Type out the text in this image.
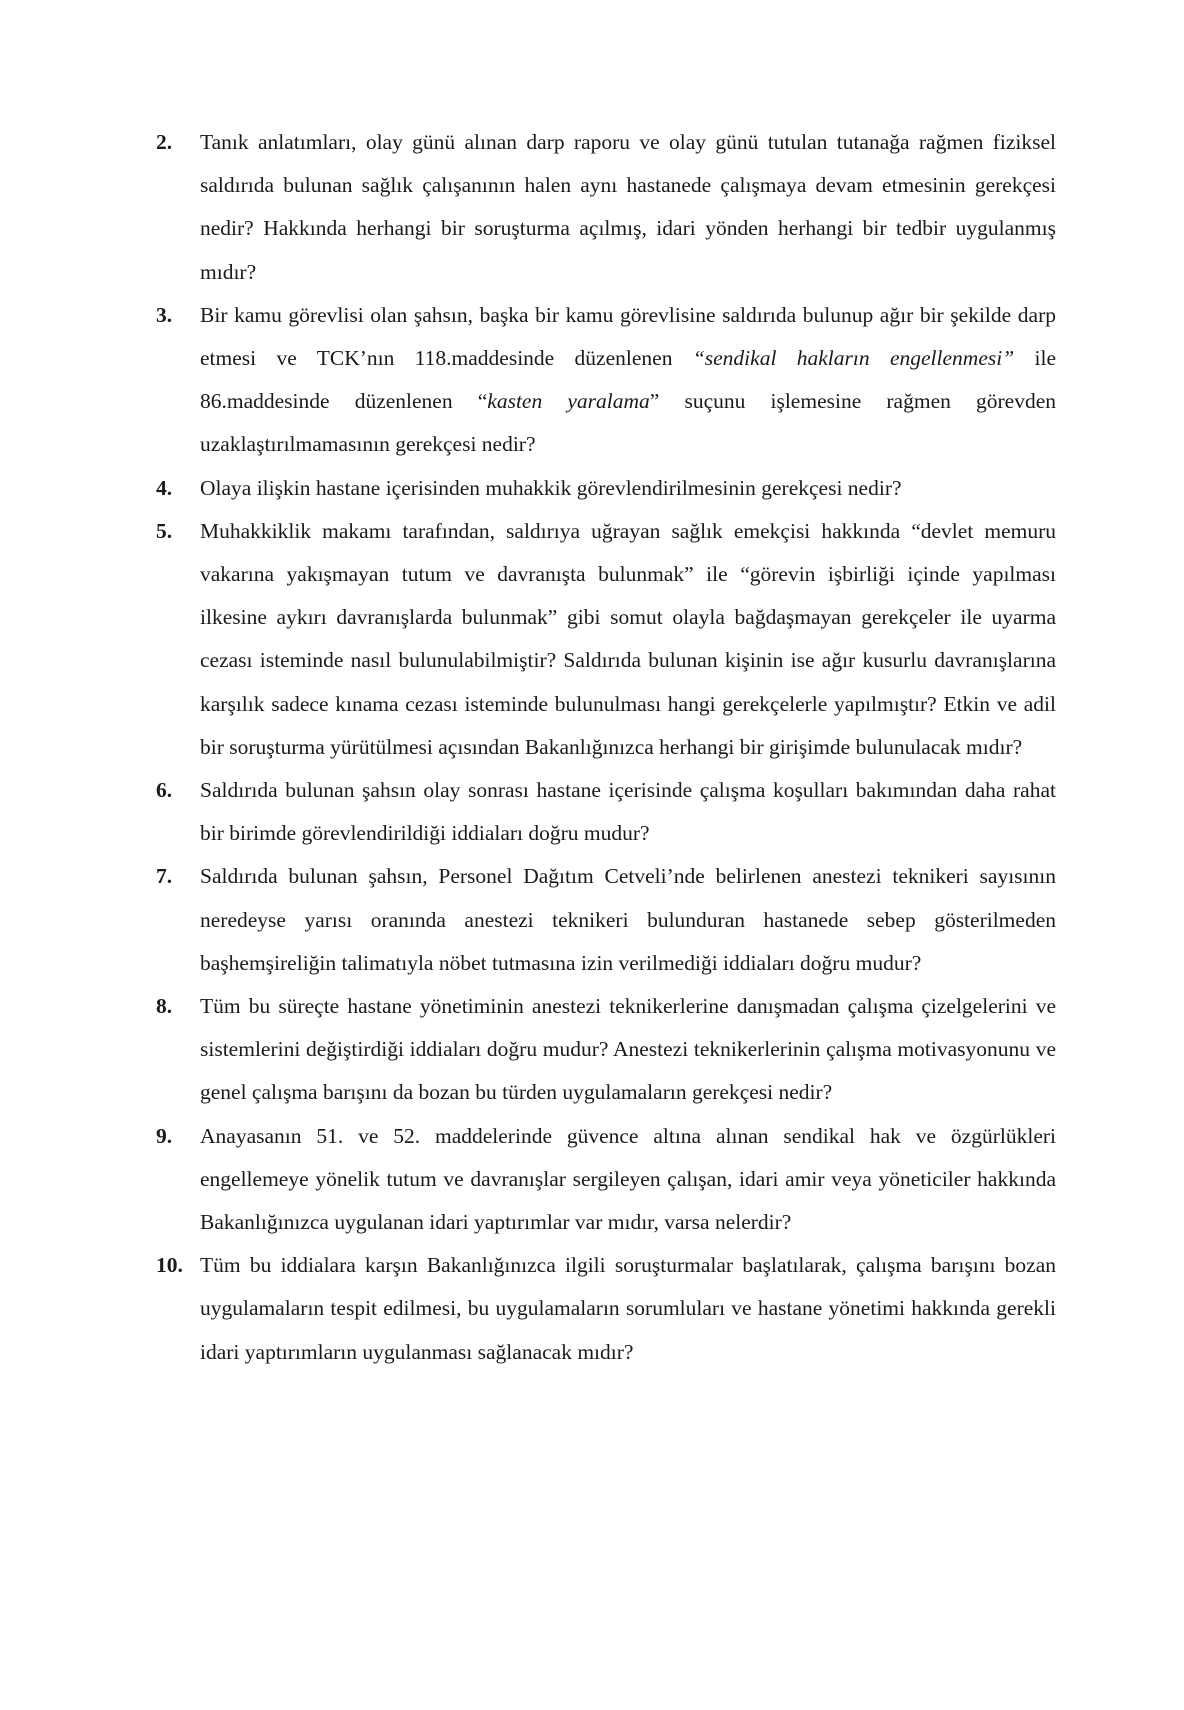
2. Tanık anlatımları, olay günü alınan darp raporu ve olay günü tutulan tutanağa rağmen fiziksel saldırıda bulunan sağlık çalışanının halen aynı hastanede çalışmaya devam etmesinin gerekçesi nedir? Hakkında herhangi bir soruşturma açılmış, idari yönden herhangi bir tedbir uygulanmış mıdır?
3. Bir kamu görevlisi olan şahsın, başka bir kamu görevlisine saldırıda bulunup ağır bir şekilde darp etmesi ve TCK’nın 118.maddesinde düzenlenen “sendikal hakların engellenmesi” ile 86.maddesinde düzenlenen “kasten yaralama” suçunu işlemesine rağmen görevden uzaklaştırılmamasının gerekçesi nedir?
4. Olaya ilişkin hastane içerisinden muhakkik görevlendirilmesinin gerekçesi nedir?
5. Muhakkiklik makamı tarafından, saldırıya uğrayan sağlık emekçisi hakkında “devlet memuru vakarına yakışmayan tutum ve davranışta bulunmak” ile “görevin işbirliği içinde yapılması ilkesine aykırı davranışlarda bulunmak” gibi somut olayla bağdaşmayan gerekçeler ile uyarma cezası isteminde nasıl bulunulabilmiştir? Saldırıda bulunan kişinin ise ağır kusurlu davranışlarına karşılık sadece kınama cezası isteminde bulunulması hangi gerekçelerle yapılmıştır? Etkin ve adil bir soruşturma yürütülmesi açısından Bakanlığınızca herhangi bir girişimde bulunulacak mıdır?
6. Saldırıda bulunan şahsın olay sonrası hastane içerisinde çalışma koşulları bakımından daha rahat bir birimde görevlendirildiği iddiaları doğru mudur?
7. Saldırıda bulunan şahsın, Personel Dağıtım Cetveli’nde belirlenen anestezi teknikeri sayısının neredeyse yarısı oranında anestezi teknikeri bulunduran hastanede sebep gösterilmeden başhemşireliğin talimatıyla nöbet tutmasına izin verilmediği iddiaları doğru mudur?
8. Tüm bu süreçte hastane yönetiminin anestezi teknikerlerine danışmadan çalışma çizelgelerini ve sistemlerini değiştirdiği iddiaları doğru mudur? Anestezi teknikerlerinin çalışma motivasyonunu ve genel çalışma barışını da bozan bu türden uygulamaların gerekçesi nedir?
9. Anayasanın 51. ve 52. maddelerinde güvence altına alınan sendikal hak ve özgürlükleri engellemeye yönelik tutum ve davranışlar sergileyen çalışan, idari amir veya yöneticiler hakkında Bakanlığınızca uygulanan idari yaptırımlar var mıdır, varsa nelerdir?
10. Tüm bu iddialara karşın Bakanlığınızca ilgili soruşturmalar başlatılarak, çalışma barışını bozan uygulamaların tespit edilmesi, bu uygulamaların sorumluları ve hastane yönetimi hakkında gerekli idari yaptırımların uygulanması sağlanacak mıdır?
